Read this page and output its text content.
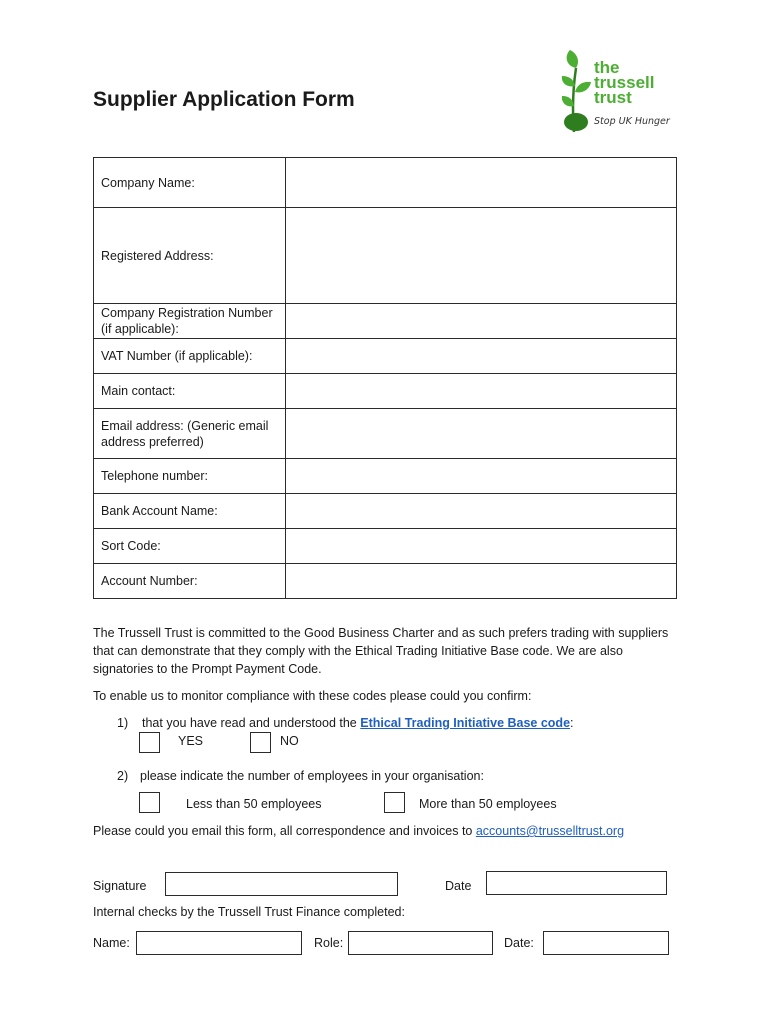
Supplier Application Form
the
trussell
trust
Stop UK Hunger
Company Name:	
Registered Address:	
Company Registration Number (if applicable):	
VAT Number (if applicable):	
Main contact:	
Email address: (Generic email address preferred)	
Telephone number:	
Bank Account Name:	
Sort Code:	
Account Number:	
The Trussell Trust is committed to the Good Business Charter and as such prefers trading with suppliers that can demonstrate that they comply with the Ethical Trading Initiative Base code. We are also signatories to the Prompt Payment Code.
To enable us to monitor compliance with these codes please could you confirm:
1) that you have read and understood the Ethical Trading Initiative Base code:
YES	NO
2) please indicate the number of employees in your organisation:
Less than 50 employees	More than 50 employees
Please could you email this form, all correspondence and invoices to accounts@trusselltrust.org
Signature	Date
Internal checks by the Trussell Trust Finance completed:
Name:	Role:	Date:
